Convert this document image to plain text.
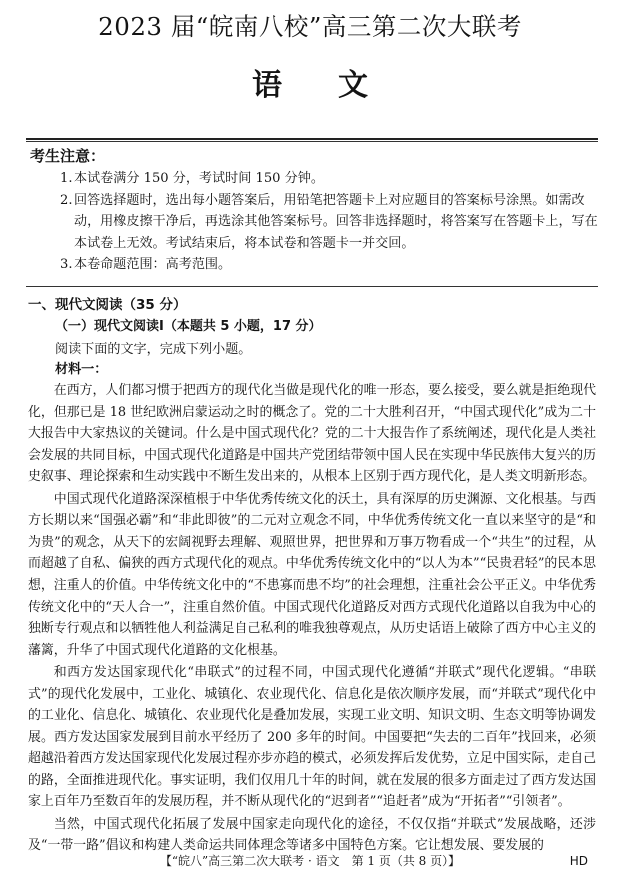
2023 届“皖南八校”高三第二次大联考
语文
考生注意：
1. 本试卷满分 150 分，考试时间 150 分钟。
2. 回答选择题时，选出每小题答案后，用铅笔把答题卡上对应题目的答案标号涂黑。如需改动，用橡皮擦干净后，再选涂其他答案标号。回答非选择题时，将答案写在答题卡上，写在本试卷上无效。考试结束后，将本试卷和答题卡一并交回。
3. 本卷命题范围：高考范围。
一、现代文阅读（35 分）
（一）现代文阅读Ⅰ（本题共 5 小题，17 分）
阅读下面的文字，完成下列小题。
材料一：

在西方，人们都习惯于把西方的现代化当做是现代化的唯一形态，要么接受，要么就是拒绝现代化，但那已是 18 世纪欧洲启蒙运动之时的概念了。党的二十大胜利召开，“中国式现代化”成为二十大报告中大家热议的关键词。什么是中国式现代化？党的二十大报告作了系统阐述，现代化是人类社会发展的共同目标，中国式现代化道路是中国共产党团结带领中国人民在实现中华民族伟大复兴的历史叙事、理论探索和生动实践中不断生发出来的，从根本上区别于西方现代化，是人类文明新形态。

中国式现代化道路深深植根于中华优秀传统文化的沃土，具有深厚的历史渊源、文化根基。与西方长期以来“国强必霸”和“非此即彼”的二元对立观念不同，中华优秀传统文化一直以来坚守的是“和为贵”的观念，从天下的宏阔视野去理解、观照世界，把世界和万事万物看成一个“共生”的过程，从而超越了自私、偏狭的西方式现代化的观点。中华优秀传统文化中的“以人为本”“民贵君轻”的民本思想，注重人的价值。中华传统文化中的“不患寡而患不均”的社会理想，注重社会公平正义。中华优秀传统文化中的“天人合一”，注重自然价值。中国式现代化道路反对西方式现代化道路以自我为中心的独断专行观点和以牺牲他人利益满足自己私利的唯我独尊观点，从历史话语上破除了西方中心主义的藩篱，升华了中国式现代化道路的文化根基。

和西方发达国家现代化“串联式”的过程不同，中国式现代化遵循“并联式”现代化逻辑。“串联式”的现代化发展中，工业化、城镇化、农业现代化、信息化是依次顺序发展，而“并联式”现代化中的工业化、信息化、城镇化、农业现代化是叠加发展，实现工业文明、知识文明、生态文明等协调发展。西方发达国家发展到目前水平经历了 200 多年的时间。中国要把“失去的二百年”找回来，必须超越沿着西方发达国家现代化发展过程亦步亦趋的模式，必须发挥后发优势，立足中国实际，走自己的路，全面推进现代化。事实证明，我们仅用几十年的时间，就在发展的很多方面走过了西方发达国家上百年乃至数百年的发展历程，并不断从现代化的“迟到者”“追赶者”成为“开拓者”“引领者”。

当然，中国式现代化拓展了发展中国家走向现代化的途径，不仅仅指“并联式”发展战略，还涉及“一带一路”倡议和构建人类命运共同体理念等诸多中国特色方案。它让想发展、要发展的

【“皖八”高三第二次大联考 · 语文　第 1 页（共 8 页）】	HD
